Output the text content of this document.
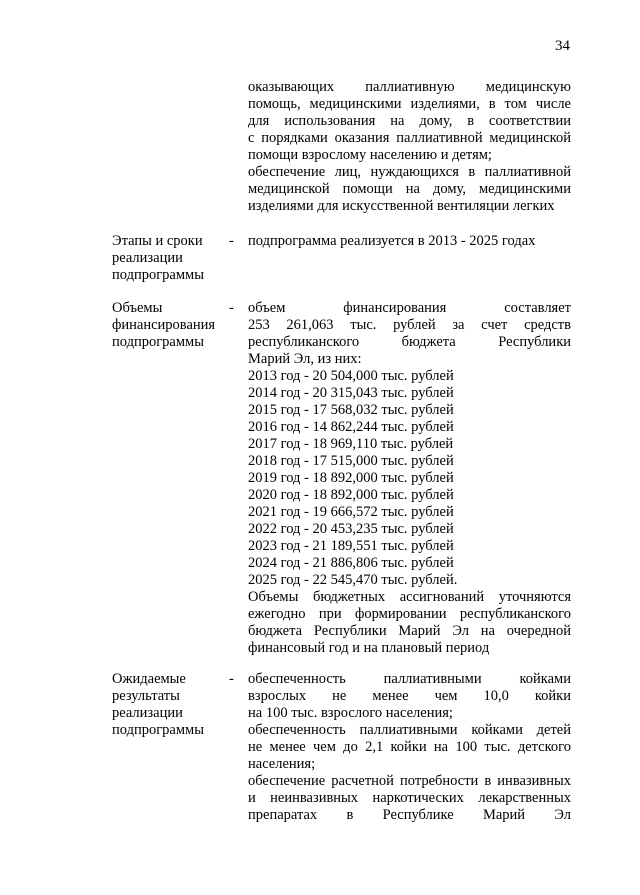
34
оказывающих паллиативную медицинскую
помощь, медицинскими изделиями, в том числе
для использования на дому, в соответствии
с порядками оказания паллиативной медицинской
помощи взрослому населению и детям;
обеспечение лиц, нуждающихся в паллиативной
медицинской помощи на дому, медицинскими
изделиями для искусственной вентиляции легких
Этапы и сроки
реализации
подпрограммы
- подпрограмма реализуется в 2013 - 2025 годах
Объемы
финансирования
подпрограммы
- объем финансирования составляет
253 261,063 тыс. рублей за счет средств
республиканского бюджета Республики
Марий Эл, из них:
2013 год - 20 504,000 тыс. рублей
2014 год - 20 315,043 тыс. рублей
2015 год - 17 568,032 тыс. рублей
2016 год - 14 862,244 тыс. рублей
2017 год - 18 969,110 тыс. рублей
2018 год - 17 515,000 тыс. рублей
2019 год - 18 892,000 тыс. рублей
2020 год - 18 892,000 тыс. рублей
2021 год - 19 666,572 тыс. рублей
2022 год - 20 453,235 тыс. рублей
2023 год - 21 189,551 тыс. рублей
2024 год - 21 886,806 тыс. рублей
2025 год - 22 545,470 тыс. рублей.
Объемы бюджетных ассигнований уточняются
ежегодно при формировании республиканского
бюджета Республики Марий Эл на очередной
финансовый год и на плановый период
Ожидаемые
результаты
реализации
подпрограммы
- обеспеченность паллиативными койками
взрослых не менее чем 10,0 койки
на 100 тыс. взрослого населения;
обеспеченность паллиативными койками детей
не менее чем до 2,1 койки на 100 тыс. детского
населения;
обеспечение расчетной потребности в инвазивных
и неинвазивных наркотических лекарственных
препаратах в Республике Марий Эл
